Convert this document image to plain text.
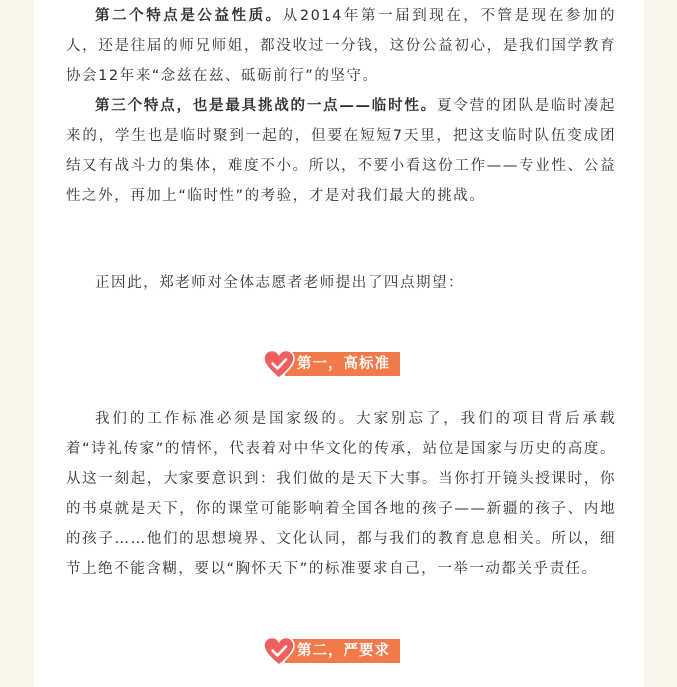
第二个特点是公益性质。从2014年第一届到现在，不管是现在参加的人，还是往届的师兄师姐，都没收过一分钱，这份公益初心，是我们国学教育协会12年来“念兹在兹、砥砺前行”的坚守。

第三个特点，也是最具挑战的一点——临时性。夏令营的团队是临时凑起来的，学生也是临时聚到一起的，但要在短短7天里，把这支临时队伍变成团结又有战斗力的集体，难度不小。所以，不要小看这份工作——专业性、公益性之外，再加上“临时性”的考验，才是对我们最大的挑战。

正因此，郑老师对全体志愿者老师提出了四点期望：

第一，高标准

我们的工作标准必须是国家级的。大家别忘了，我们的项目背后承载着“诗礼传家”的情怀，代表着对中华文化的传承，站位是国家与历史的高度。从这一刻起，大家要意识到：我们做的是天下大事。当你打开镜头授课时，你的书桌就是天下，你的课堂可能影响着全国各地的孩子——新疆的孩子、内地的孩子……他们的思想境界、文化认同，都与我们的教育息息相关。所以，细节上绝不能含糊，要以“胸怀天下”的标准要求自己，一举一动都关乎责任。

第二，严要求
